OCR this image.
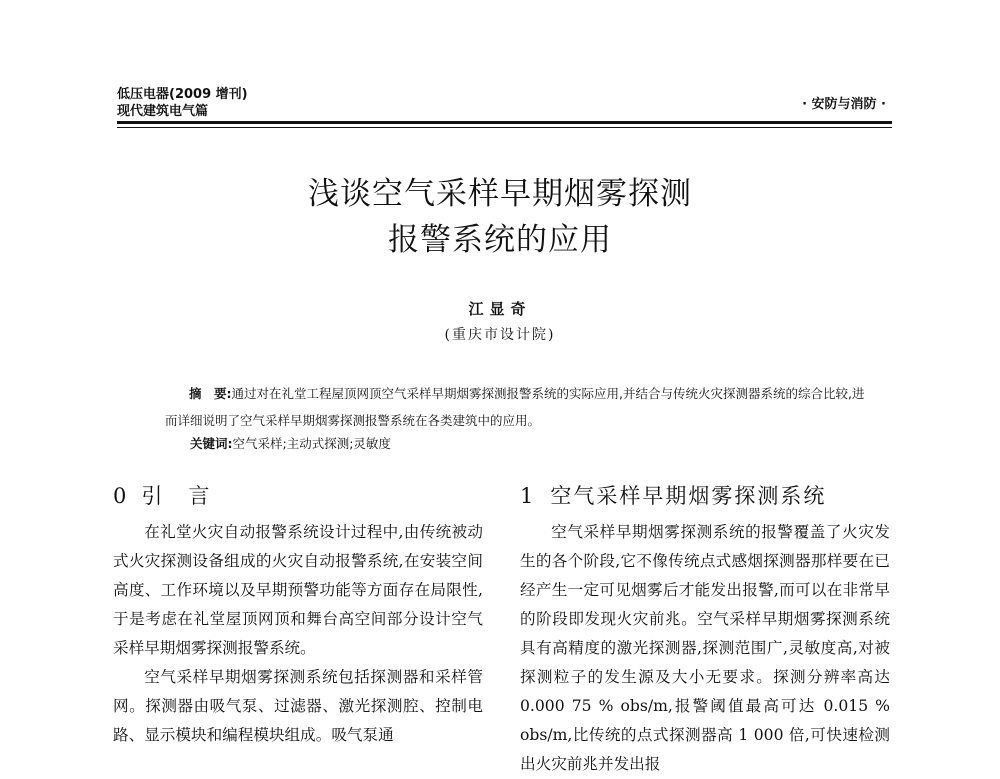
低压电器(2009 增刊)
现代建筑电气篇	· 安防与消防 ·
浅谈空气采样早期烟雾探测
报警系统的应用
江显奇
(重庆市设计院)
摘　要:通过对在礼堂工程屋顶网顶空气采样早期烟雾探测报警系统的实际应用,并结合与传统火灾探测器系统的综合比较,进而详细说明了空气采样早期烟雾探测报警系统在各类建筑中的应用。
关键词:空气采样;主动式探测;灵敏度
0 引言	1 空气采样早期烟雾探测系统

在礼堂火灾自动报警系统设计过程中,由传统被动式火灾探测设备组成的火灾自动报警系统,在安装空间高度、工作环境以及早期预警功能等方面存在局限性,于是考虑在礼堂屋顶网顶和舞台高空间部分设计空气采样早期烟雾探测报警系统。

空气采样早期烟雾探测系统包括探测器和采样管网。探测器由吸气泵、过滤器、激光探测腔、控制电路、显示模块和编程模块组成。吸气泵通

空气采样早期烟雾探测系统的报警覆盖了火灾发生的各个阶段,它不像传统点式感烟探测器那样要在已经产生一定可见烟雾后才能发出报警,而可以在非常早的阶段即发现火灾前兆。空气采样早期烟雾探测系统具有高精度的激光探测器,探测范围广,灵敏度高,对被探测粒子的发生源及大小无要求。探测分辨率高达 0.000 75 % obs/m,报警阈值最高可达 0.015 % obs/m,比传统的点式探测器高 1 000 倍,可快速检测出火灾前兆并发出报
